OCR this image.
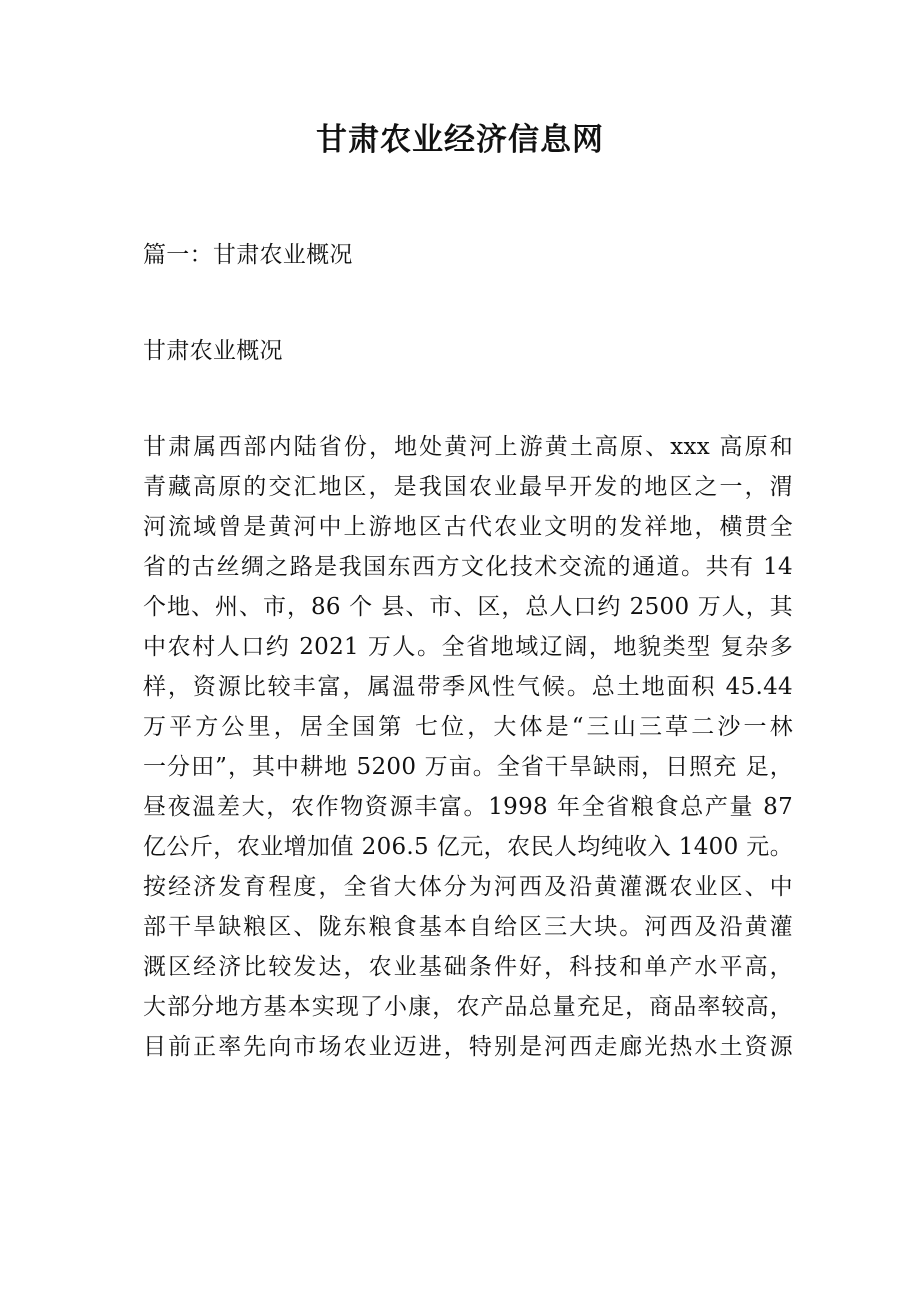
甘肃农业经济信息网

篇一：甘肃农业概况

甘肃农业概况

甘肃属西部内陆省份，地处黄河上游黄土高原、xxx 高原和
青藏高原的交汇地区，是我国农业最早开发的地区之一，渭
河流域曾是黄河中上游地区古代农业文明的发祥地，横贯全
省的古丝绸之路是我国东西方文化技术交流的通道。共有 14
个地、州、市，86 个 县、市、区，总人口约 2500 万人，其
中农村人口约 2021 万人。全省地域辽阔，地貌类型 复杂多
样，资源比较丰富，属温带季风性气候。总土地面积 45.44
万平方公里，居全国第 七位，大体是“三山三草二沙一林
一分田”，其中耕地 5200 万亩。全省干旱缺雨，日照充 足，
昼夜温差大，农作物资源丰富。1998 年全省粮食总产量 87
亿公斤，农业增加值 206.5 亿元，农民人均纯收入 1400 元。
按经济发育程度，全省大体分为河西及沿黄灌溉农业区、中
部干旱缺粮区、陇东粮食基本自给区三大块。河西及沿黄灌
溉区经济比较发达，农业基础条件好，科技和单产水平高，
大部分地方基本实现了小康，农产品总量充足，商品率较高，
目前正率先向市场农业迈进，特别是河西走廊光热水土资源
